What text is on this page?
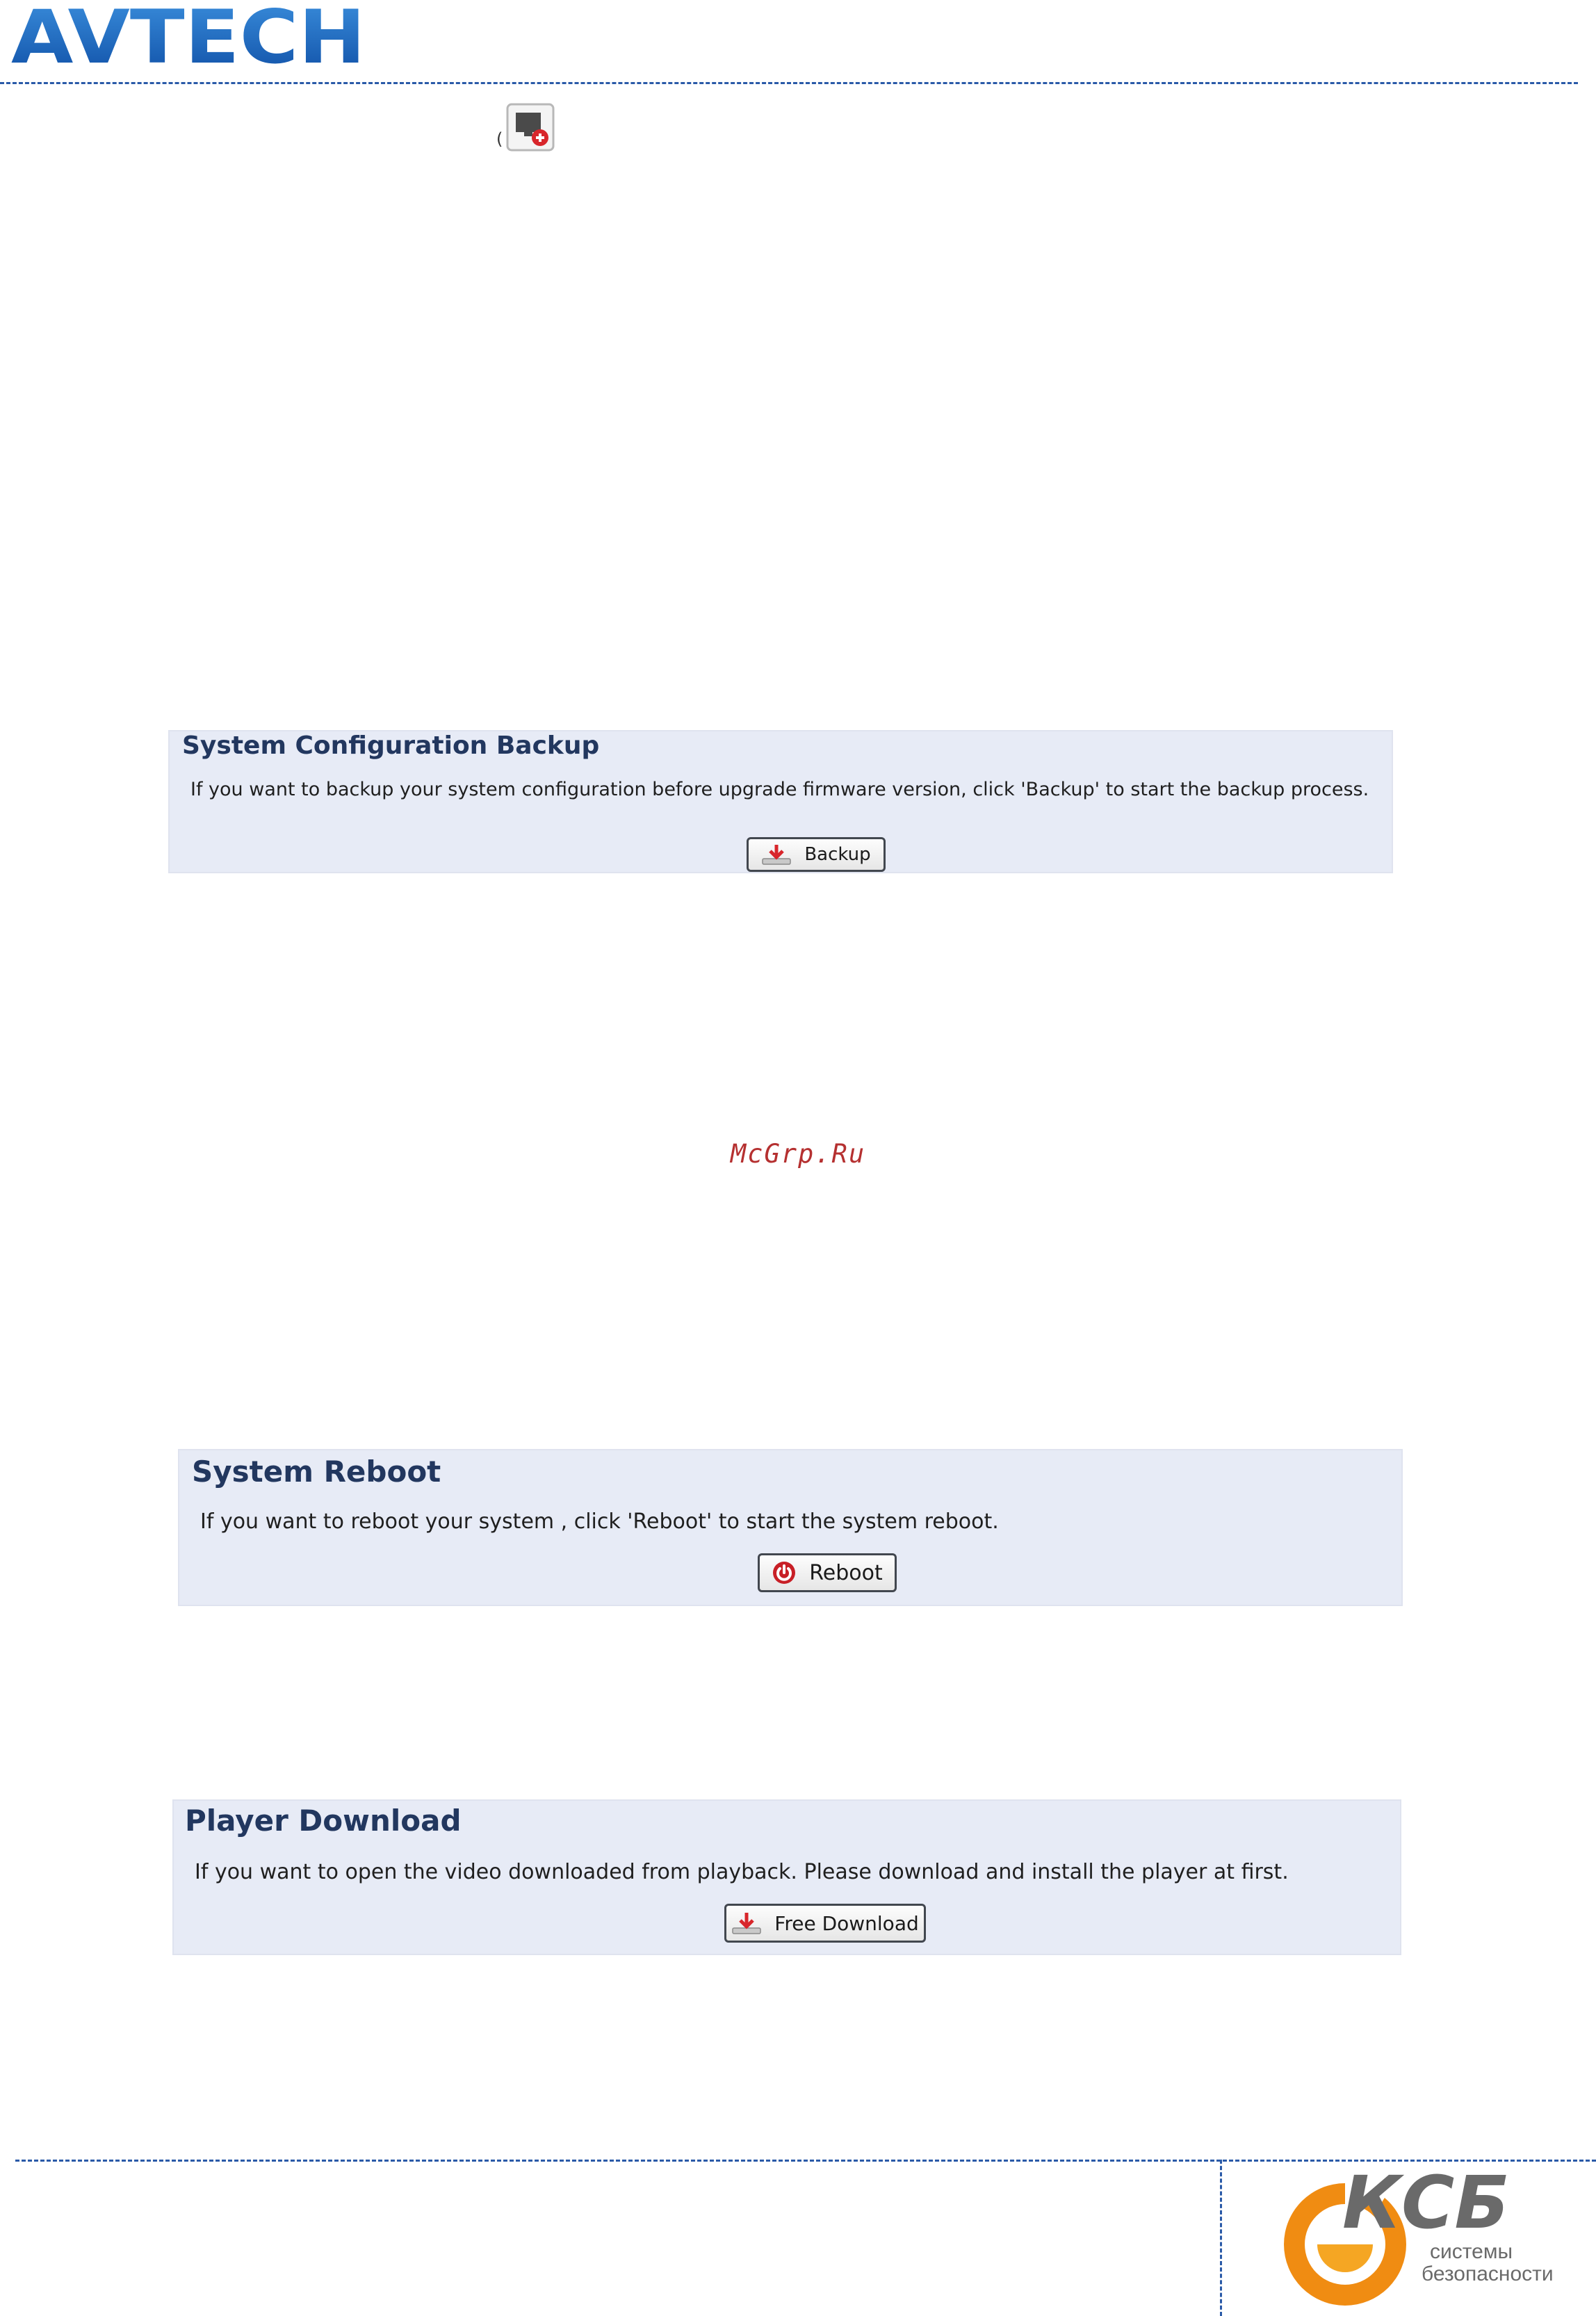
AVTECH
(
System Configuration Backup
If you want to backup your system configuration before upgrade firmware version, click 'Backup' to start the backup process.
Backup
McGrp.Ru
System Reboot
If you want to reboot your system , click 'Reboot' to start the system reboot.
Reboot
Player Download
If you want to open the video downloaded from playback. Please download and install the player at first.
Free Download
КСБ
системы
безопасности
